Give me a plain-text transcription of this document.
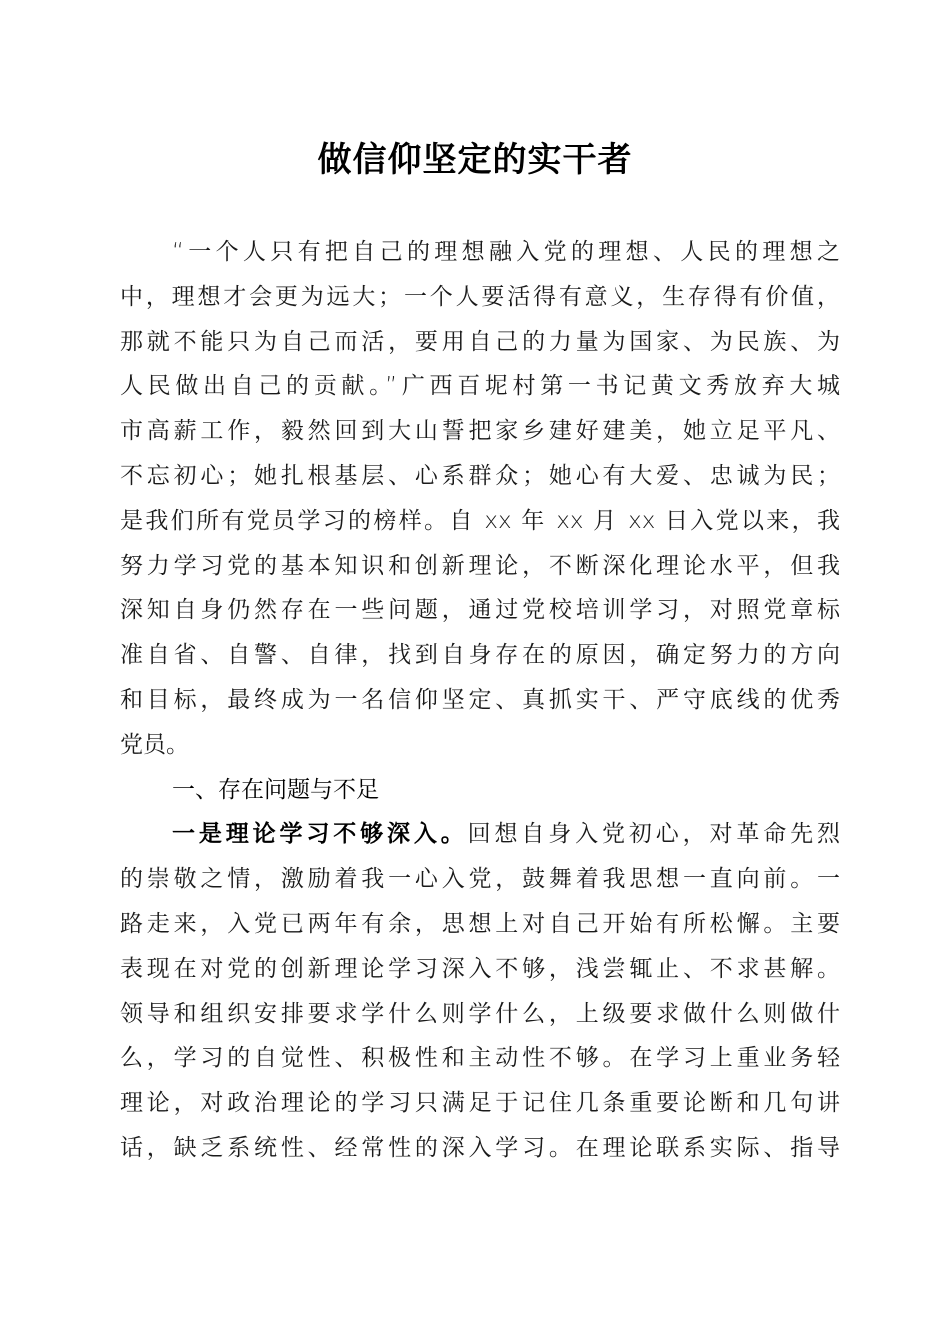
做信仰坚定的实干者
“一个人只有把自己的理想融入党的理想、人民的理想之
中，理想才会更为远大；一个人要活得有意义，生存得有价值，
那就不能只为自己而活，要用自己的力量为国家、为民族、为
人民做出自己的贡献。”广西百坭村第一书记黄文秀放弃大城
市高薪工作，毅然回到大山誓把家乡建好建美，她立足平凡、
不忘初心；她扎根基层、心系群众；她心有大爱、忠诚为民；
是我们所有党员学习的榜样。自 xx 年 xx 月 xx 日入党以来，我
努力学习党的基本知识和创新理论，不断深化理论水平，但我
深知自身仍然存在一些问题，通过党校培训学习，对照党章标
准自省、自警、自律，找到自身存在的原因，确定努力的方向
和目标，最终成为一名信仰坚定、真抓实干、严守底线的优秀
党员。
一、存在问题与不足
一是理论学习不够深入。回想自身入党初心，对革命先烈
的崇敬之情，激励着我一心入党，鼓舞着我思想一直向前。一
路走来，入党已两年有余，思想上对自己开始有所松懈。主要
表现在对党的创新理论学习深入不够，浅尝辄止、不求甚解。
领导和组织安排要求学什么则学什么，上级要求做什么则做什
么，学习的自觉性、积极性和主动性不够。在学习上重业务轻
理论，对政治理论的学习只满足于记住几条重要论断和几句讲
话，缺乏系统性、经常性的深入学习。在理论联系实际、指导
